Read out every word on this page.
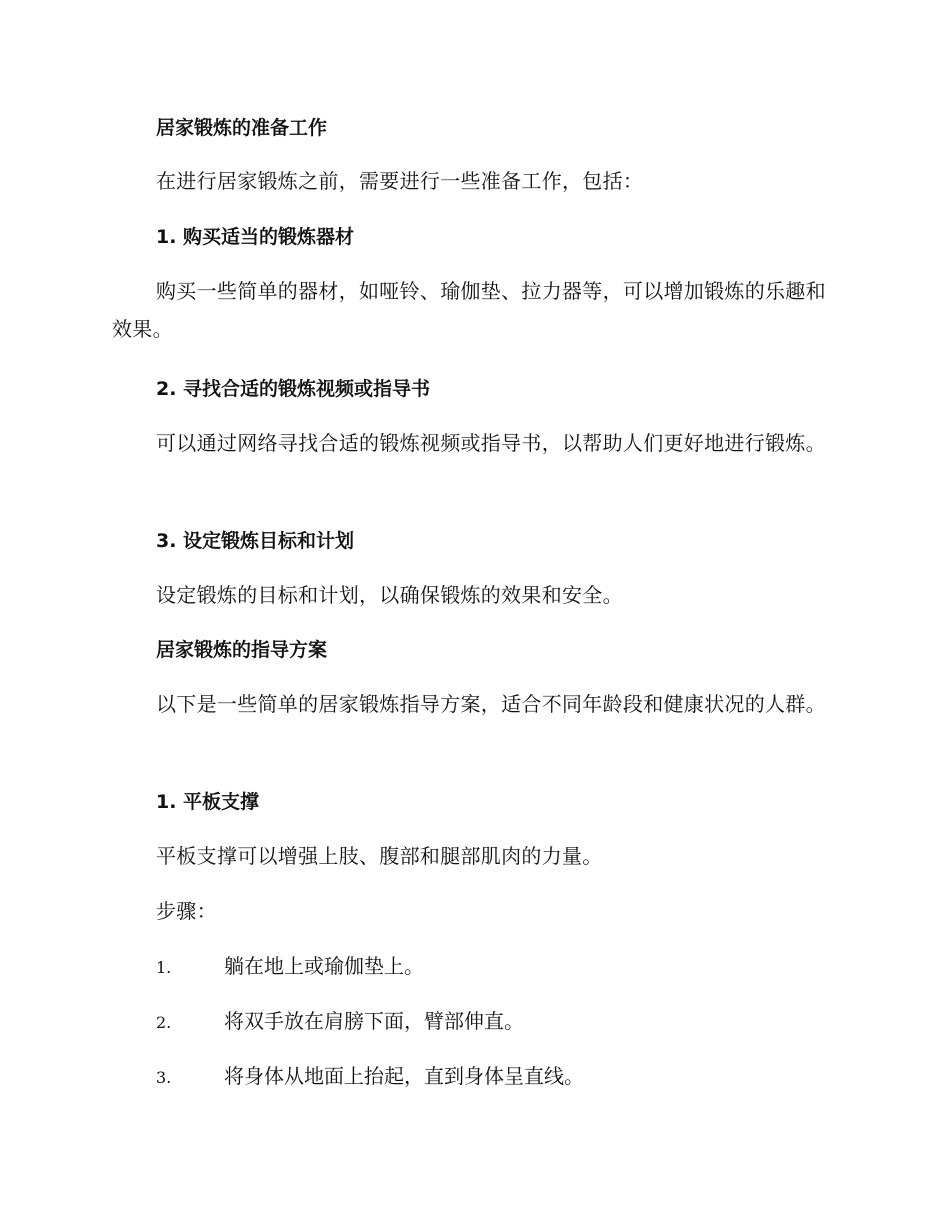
居家锻炼的准备工作

在进行居家锻炼之前，需要进行一些准备工作，包括：

1. 购买适当的锻炼器材

购买一些简单的器材，如哑铃、瑜伽垫、拉力器等，可以增加锻炼的乐趣和效果。

2. 寻找合适的锻炼视频或指导书

可以通过网络寻找合适的锻炼视频或指导书，以帮助人们更好地进行锻炼。

3. 设定锻炼目标和计划

设定锻炼的目标和计划，以确保锻炼的效果和安全。

居家锻炼的指导方案

以下是一些简单的居家锻炼指导方案，适合不同年龄段和健康状况的人群。

1. 平板支撑

平板支撑可以增强上肢、腹部和腿部肌肉的力量。

步骤：

1.	躺在地上或瑜伽垫上。
2.	将双手放在肩膀下面，臂部伸直。
3.	将身体从地面上抬起，直到身体呈直线。
